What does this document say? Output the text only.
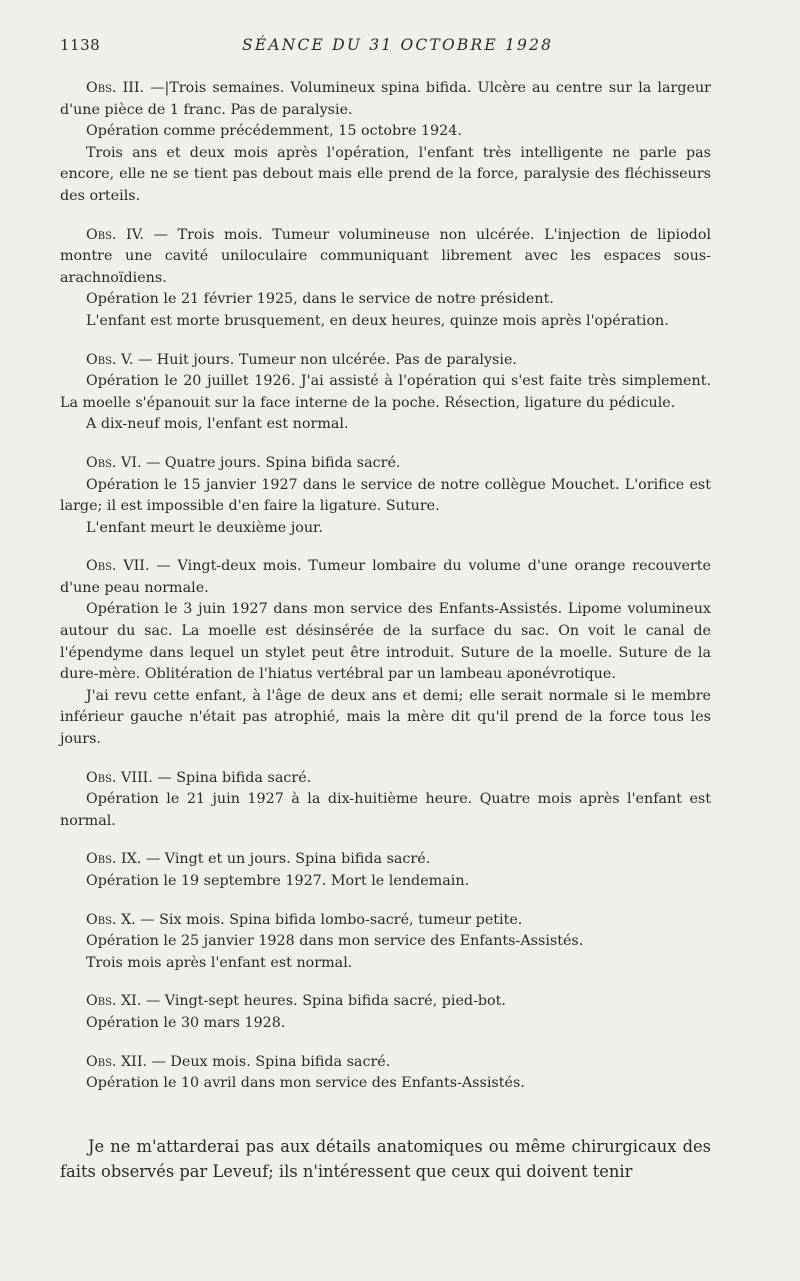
1138	SÉANCE DU 31 OCTOBRE 1928

Obs. III. —|Trois semaines. Volumineux spina bifida. Ulcère au centre sur la largeur d'une pièce de 1 franc. Pas de paralysie.

Opération comme précédemment, 15 octobre 1924.

Trois ans et deux mois après l'opération, l'enfant très intelligente ne parle pas encore, elle ne se tient pas debout mais elle prend de la force, paralysie des fléchisseurs des orteils.

Obs. IV. — Trois mois. Tumeur volumineuse non ulcérée. L'injection de lipiodol montre une cavité uniloculaire communiquant librement avec les espaces sous-arachnoïdiens.

Opération le 21 février 1925, dans le service de notre président.

L'enfant est morte brusquement, en deux heures, quinze mois après l'opération.

Obs. V. — Huit jours. Tumeur non ulcérée. Pas de paralysie.

Opération le 20 juillet 1926. J'ai assisté à l'opération qui s'est faite très simplement. La moelle s'épanouit sur la face interne de la poche. Résection, ligature du pédicule.

A dix-neuf mois, l'enfant est normal.

Obs. VI. — Quatre jours. Spina bifida sacré.

Opération le 15 janvier 1927 dans le service de notre collègue Mouchet. L'orifice est large; il est impossible d'en faire la ligature. Suture.

L'enfant meurt le deuxième jour.

Obs. VII. — Vingt-deux mois. Tumeur lombaire du volume d'une orange recouverte d'une peau normale.

Opération le 3 juin 1927 dans mon service des Enfants-Assistés. Lipome volumineux autour du sac. La moelle est désinsérée de la surface du sac. On voit le canal de l'épendyme dans lequel un stylet peut être introduit. Suture de la moelle. Suture de la dure-mère. Oblitération de l'hiatus vertébral par un lambeau aponévrotique.

J'ai revu cette enfant, à l'âge de deux ans et demi; elle serait normale si le membre inférieur gauche n'était pas atrophié, mais la mère dit qu'il prend de la force tous les jours.

Obs. VIII. — Spina bifida sacré.

Opération le 21 juin 1927 à la dix-huitième heure. Quatre mois après l'enfant est normal.

Obs. IX. — Vingt et un jours. Spina bifida sacré.

Opération le 19 septembre 1927. Mort le lendemain.

Obs. X. — Six mois. Spina bifida lombo-sacré, tumeur petite.

Opération le 25 janvier 1928 dans mon service des Enfants-Assistés.

Trois mois après l'enfant est normal.

Obs. XI. — Vingt-sept heures. Spina bifida sacré, pied-bot.

Opération le 30 mars 1928.

Obs. XII. — Deux mois. Spina bifida sacré.

Opération le 10 avril dans mon service des Enfants-Assistés.

Je ne m'attarderai pas aux détails anatomiques ou même chirurgicaux des faits observés par Leveuf; ils n'intéressent que ceux qui doivent tenir
